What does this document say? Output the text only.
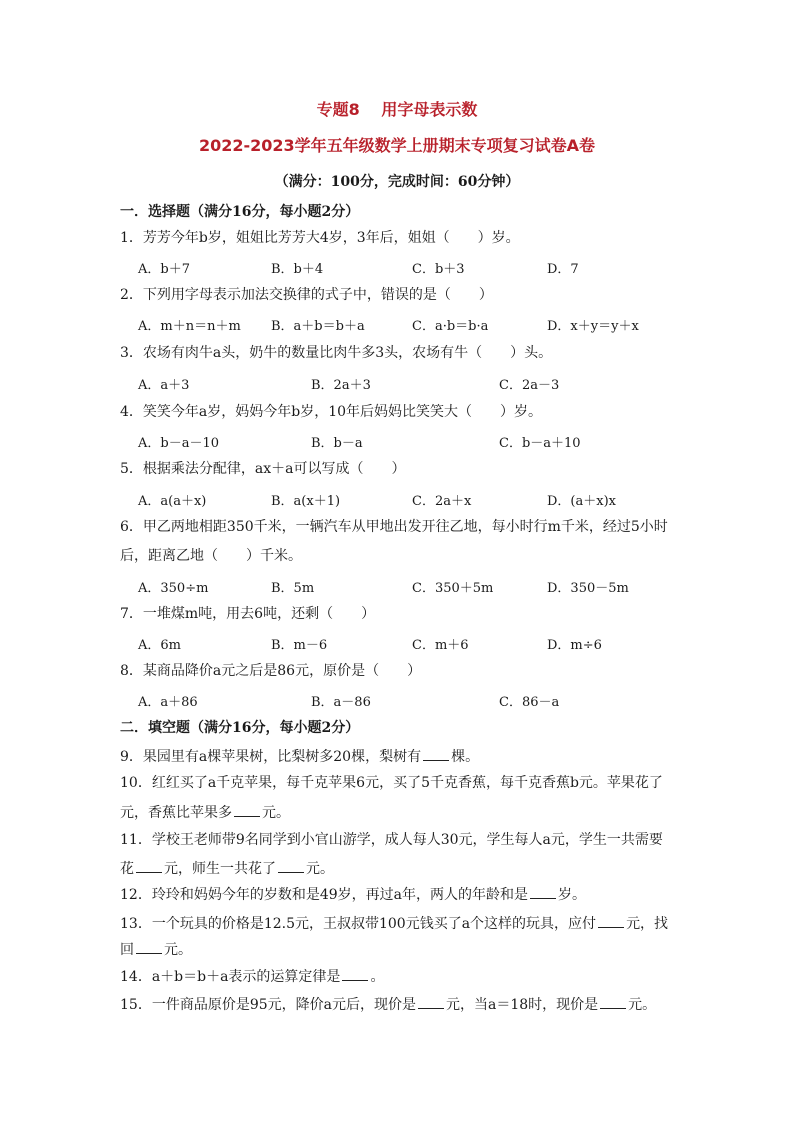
专题8　 用字母表示数
2022-2023学年五年级数学上册期末专项复习试卷A卷
（满分：100分，完成时间：60分钟）
一．选择题（满分16分，每小题2分）
1．芳芳今年b岁，姐姐比芳芳大4岁，3年后，姐姐（　　）岁。
A．b＋7	B．b＋4	C．b＋3	D．7
2．下列用字母表示加法交换律的式子中，错误的是（　　）
A．m＋n＝n＋m B．a＋b＝b＋a	C．a·b＝b·a	D．x＋y＝y＋x
3．农场有肉牛a头，奶牛的数量比肉牛多3头，农场有牛（　　）头。
A．a＋3	B．2a＋3	C．2a－3
4．笑笑今年a岁，妈妈今年b岁，10年后妈妈比笑笑大（　　）岁。
A．b－a－10	B．b－a	C．b－a＋10
5．根据乘法分配律，ax＋a可以写成（　　）
A．a(a＋x)	B．a(x＋1)	C．2a＋x	D．(a＋x)x
6．甲乙两地相距350千米，一辆汽车从甲地出发开往乙地，每小时行m千米，经过5小时
后，距离乙地（　　）千米。
A．350÷m	B．5m	C．350＋5m	D．350－5m
7．一堆煤m吨，用去6吨，还剩（　　）
A．6m	B．m－6	C．m＋6	D．m÷6
8．某商品降价a元之后是86元，原价是（　　）
A．a＋86	B．a－86	C．86－a
二．填空题（满分16分，每小题2分）
9．果园里有a棵苹果树，比梨树多20棵，梨树有 棵。
10．红红买了a千克苹果，每千克苹果6元，买了5千克香蕉，每千克香蕉b元。苹果花了
元，香蕉比苹果多 元。
11．学校王老师带9名同学到小官山游学，成人每人30元，学生每人a元，学生一共需要
花 元，师生一共花了 元。
12．玲玲和妈妈今年的岁数和是49岁，再过a年，两人的年龄和是 岁。
13．一个玩具的价格是12.5元，王叔叔带100元钱买了a个这样的玩具，应付 元，找
回 元。
14．a＋b＝b＋a表示的运算定律是 。
15．一件商品原价是95元，降价a元后，现价是 元，当a＝18时，现价是 元。
